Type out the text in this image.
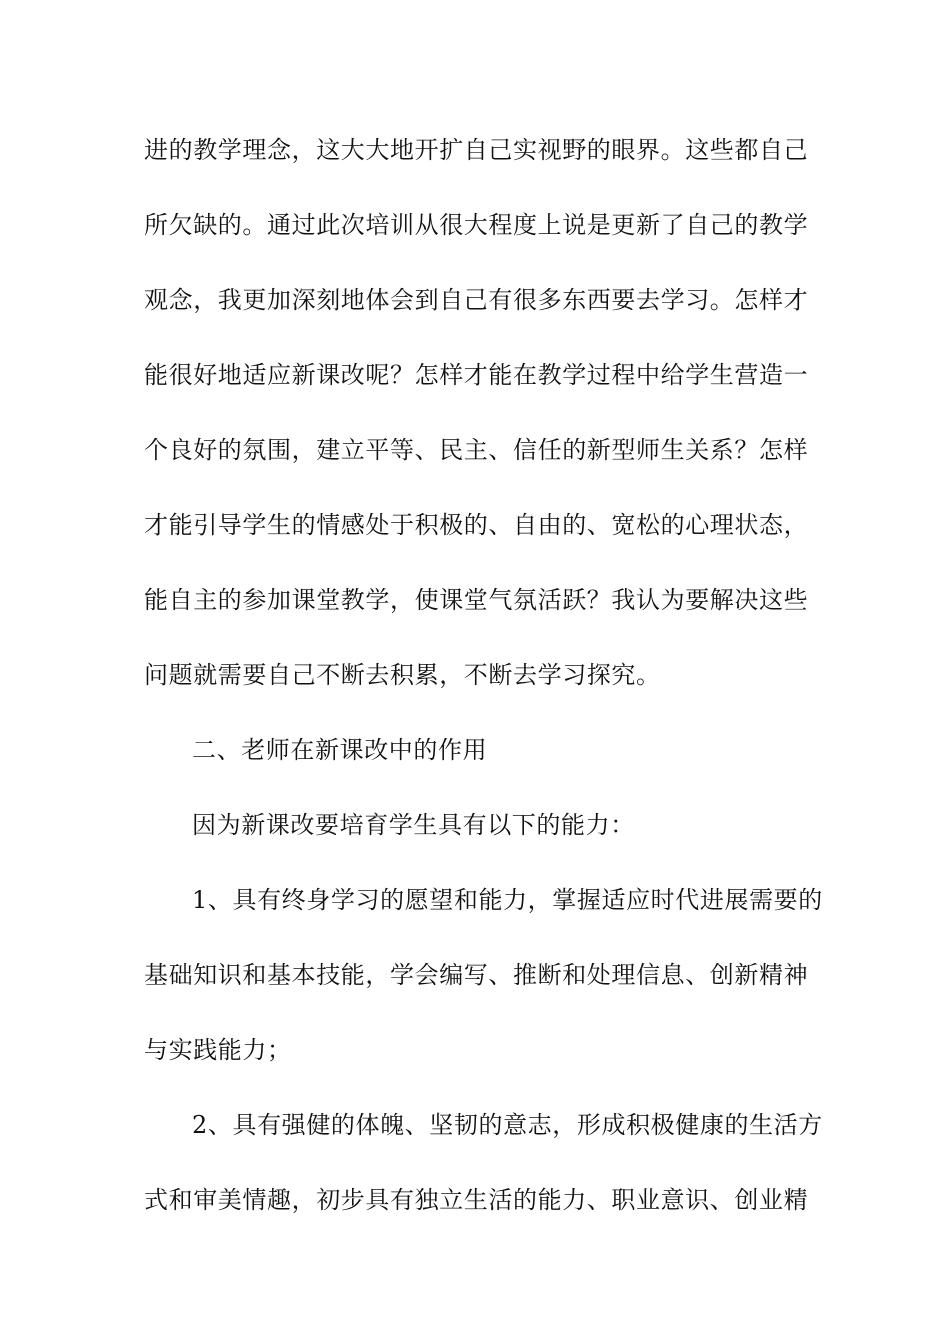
进的教学理念，这大大地开扩自己实视野的眼界。这些都自己
所欠缺的。通过此次培训从很大程度上说是更新了自己的教学
观念，我更加深刻地体会到自己有很多东西要去学习。怎样才
能很好地适应新课改呢？怎样才能在教学过程中给学生营造一
个良好的氛围，建立平等、民主、信任的新型师生关系？怎样
才能引导学生的情感处于积极的、自由的、宽松的心理状态，
能自主的参加课堂教学，使课堂气氛活跃？我认为要解决这些
问题就需要自己不断去积累，不断去学习探究。
二、老师在新课改中的作用
因为新课改要培育学生具有以下的能力：
1、具有终身学习的愿望和能力，掌握适应时代进展需要的
基础知识和基本技能，学会编写、推断和处理信息、创新精神
与实践能力；
2、具有强健的体魄、坚韧的意志，形成积极健康的生活方
式和审美情趣，初步具有独立生活的能力、职业意识、创业精
